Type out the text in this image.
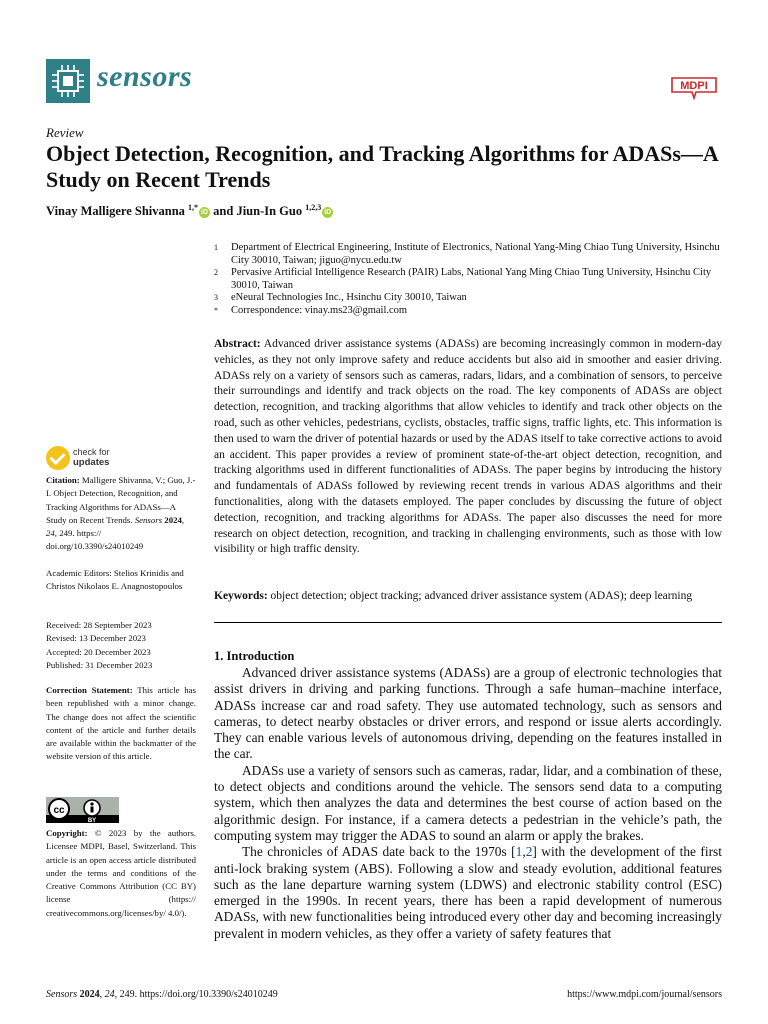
sensors	MDPI
Review
Object Detection, Recognition, and Tracking Algorithms for ADASs—A Study on Recent Trends
Vinay Malligere Shivanna $^{1,*}$iD and Jiun-In Guo $^{1,2,3}$iD
1	Department of Electrical Engineering, Institute of Electronics, National Yang-Ming Chiao Tung University, Hsinchu City 30010, Taiwan; jiguo@nycu.edu.tw
2	Pervasive Artificial Intelligence Research (PAIR) Labs, National Yang Ming Chiao Tung University, Hsinchu City 30010, Taiwan
3	eNeural Technologies Inc., Hsinchu City 30010, Taiwan
*	Correspondence: vinay.ms23@gmail.com
Abstract: Advanced driver assistance systems (ADASs) are becoming increasingly common in modern-day vehicles, as they not only improve safety and reduce accidents but also aid in smoother and easier driving. ADASs rely on a variety of sensors such as cameras, radars, lidars, and a combination of sensors, to perceive their surroundings and identify and track objects on the road. The key components of ADASs are object detection, recognition, and tracking algorithms that allow vehicles to identify and track other objects on the road, such as other vehicles, pedestrians, cyclists, obstacles, traffic signs, traffic lights, etc. This information is then used to warn the driver of potential hazards or used by the ADAS itself to take corrective actions to avoid an accident. This paper provides a review of prominent state-of-the-art object detection, recognition, and tracking algorithms used in different functionalities of ADASs. The paper begins by introducing the history and fundamentals of ADASs followed by reviewing recent trends in various ADAS algorithms and their functionalities, along with the datasets employed. The paper concludes by discussing the future of object detection, recognition, and tracking algorithms for ADASs. The paper also discusses the need for more research on object detection, recognition, and tracking in challenging environments, such as those with low visibility or high traffic density.
Keywords: object detection; object tracking; advanced driver assistance system (ADAS); deep learning
1. Introduction

Advanced driver assistance systems (ADASs) are a group of electronic technologies that assist drivers in driving and parking functions. Through a safe human–machine interface, ADASs increase car and road safety. They use automated technology, such as sensors and cameras, to detect nearby obstacles or driver errors, and respond or issue alerts accordingly. They can enable various levels of autonomous driving, depending on the features installed in the car.

ADASs use a variety of sensors such as cameras, radar, lidar, and a combination of these, to detect objects and conditions around the vehicle. The sensors send data to a computing system, which then analyzes the data and determines the best course of action based on the algorithmic design. For instance, if a camera detects a pedestrian in the vehicle’s path, the computing system may trigger the ADAS to sound an alarm or apply the brakes.

The chronicles of ADAS date back to the 1970s [1,2] with the development of the first anti-lock braking system (ABS). Following a slow and steady evolution, additional features such as the lane departure warning system (LDWS) and electronic stability control (ESC) emerged in the 1990s. In recent years, there has been a rapid development of numerous ADASs, with new functionalities being introduced every other day and becoming increasingly prevalent in modern vehicles, as they offer a variety of safety features that

check for
updates
Citation: Malligere Shivanna, V.; Guo, J.-I. Object Detection, Recognition, and Tracking Algorithms for ADASs—A Study on Recent Trends. Sensors 2024, 24, 249. https:// doi.org/10.3390/s24010249
Academic Editors: Stelios Krinidis and Christos Nikolaos E. Anagnostopoulos
Received: 28 September 2023
Revised: 13 December 2023
Accepted: 20 December 2023
Published: 31 December 2023
Correction Statement: This article has been republished with a minor change. The change does not affect the scientific content of the article and further details are available within the backmatter of the website version of this article.
cc
BY
Copyright: © 2023 by the authors. Licensee MDPI, Basel, Switzerland. This article is an open access article distributed under the terms and conditions of the Creative Commons Attribution (CC BY) license (https:// creativecommons.org/licenses/by/ 4.0/).
Sensors 2024, 24, 249. https://doi.org/10.3390/s24010249	https://www.mdpi.com/journal/sensors
